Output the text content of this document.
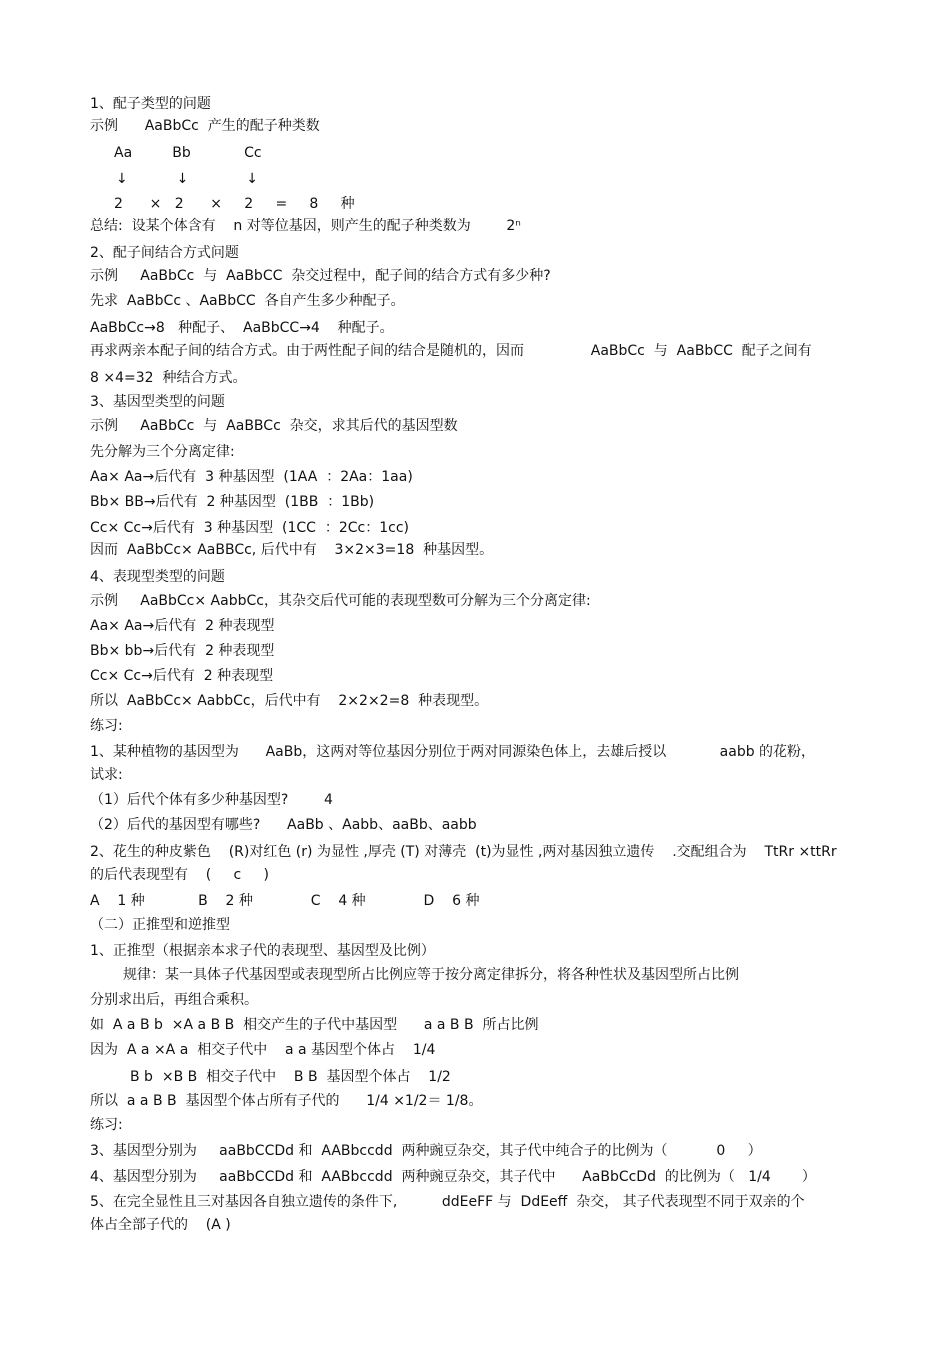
1、配子类型的问题
示例      AaBbCc  产生的配子种类数
Aa         Bb            Cc
↓           ↓             ↓
2      ×   2      ×     2     =     8     种
总结:  设某个体含有    n 对等位基因，则产生的配子种类数为        2ⁿ
2、配子间结合方式问题
示例     AaBbCc  与  AaBbCC  杂交过程中，配子间的结合方式有多少种?
先求  AaBbCc 、AaBbCC  各自产生多少种配子。
AaBbCc→8   种配子、  AaBbCC→4    种配子。
再求两亲本配子间的结合方式。由于两性配子间的结合是随机的，因而               AaBbCc  与  AaBbCC  配子之间有
8 ×4=32  种结合方式。
3、基因型类型的问题
示例     AaBbCc  与  AaBBCc  杂交，求其后代的基因型数
先分解为三个分离定律:
Aa× Aa→后代有  3 种基因型  (1AA  ：2Aa：1aa)
Bb× BB→后代有  2 种基因型  (1BB  ：1Bb)
Cc× Cc→后代有  3 种基因型  (1CC  ：2Cc：1cc)
因而  AaBbCc× AaBBCc, 后代中有    3×2×3=18  种基因型。
4、表现型类型的问题
示例     AaBbCc× AabbCc，其杂交后代可能的表现型数可分解为三个分离定律:
Aa× Aa→后代有  2 种表现型
Bb× bb→后代有  2 种表现型
Cc× Cc→后代有  2 种表现型
所以  AaBbCc× AabbCc，后代中有    2×2×2=8  种表现型。
练习:
1、某种植物的基因型为      AaBb，这两对等位基因分别位于两对同源染色体上，去雄后授以            aabb 的花粉，
试求:
（1）后代个体有多少种基因型?        4
（2）后代的基因型有哪些?      AaBb 、Aabb、aaBb、aabb
2、花生的种皮紫色    (R)对红色 (r) 为显性 ,厚壳 (T) 对薄壳  (t)为显性 ,两对基因独立遗传    .交配组合为    TtRr ×ttRr
的后代表现型有    (     c     )
A    1 种            B    2 种             C    4 种             D    6 种
（二）正推型和逆推型
1、正推型（根据亲本求子代的表现型、基因型及比例）
规律：某一具体子代基因型或表现型所占比例应等于按分离定律拆分，将各种性状及基因型所占比例
分别求出后，再组合乘积。
如  A a B b  ×A a B B  相交产生的子代中基因型      a a B B  所占比例
因为  A a ×A a  相交子代中    a a 基因型个体占    1/4
B b  ×B B  相交子代中    B B  基因型个体占    1/2
所以  a a B B  基因型个体占所有子代的      1/4 ×1/2＝ 1/8。
练习:
3、基因型分别为     aaBbCCDd 和  AABbccdd  两种豌豆杂交，其子代中纯合子的比例为（           0     ）
4、基因型分别为     aaBbCCDd 和  AABbccdd  两种豌豆杂交，其子代中      AaBbCcDd  的比例为（   1/4       ）
5、在完全显性且三对基因各自独立遗传的条件下,          ddEeFF 与  DdEeff  杂交， 其子代表现型不同于双亲的个
体占全部子代的    (A )
